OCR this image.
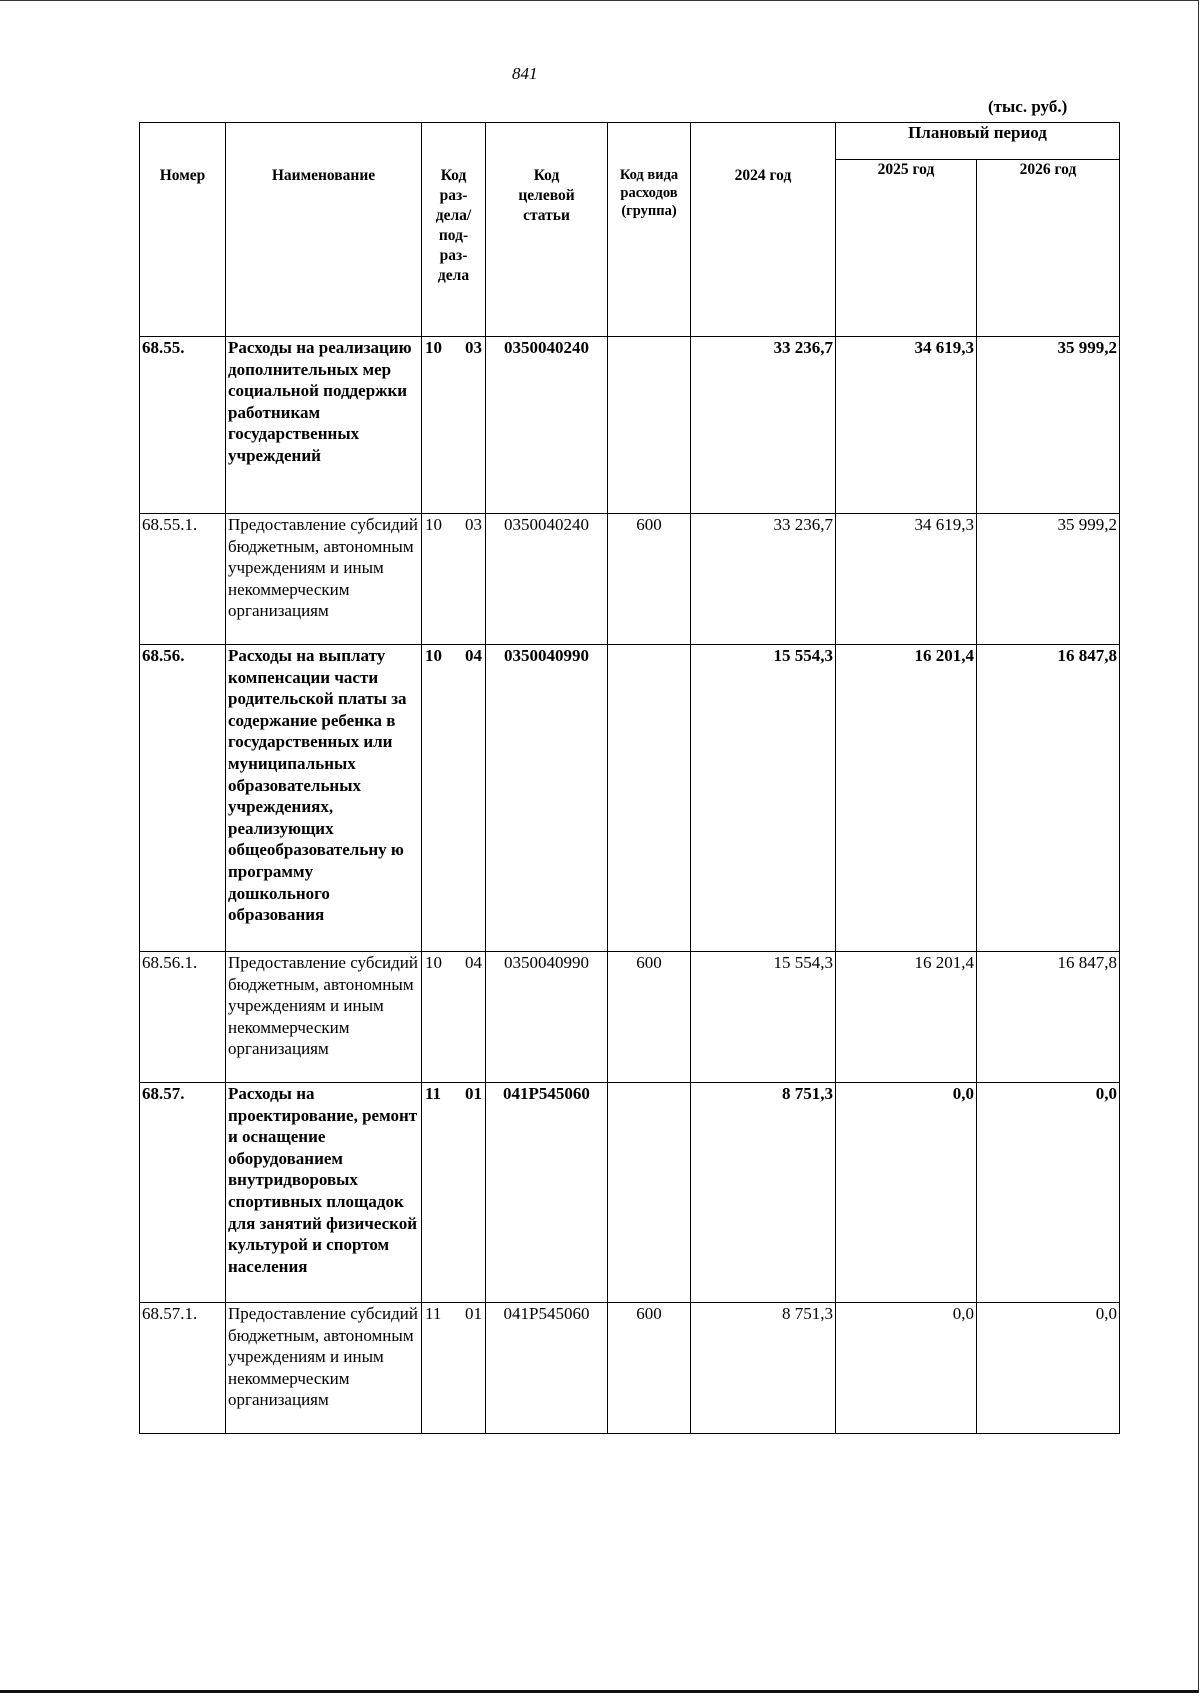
841
(тыс. руб.)
Номер	Наименование	Код раз- дела/ под- раз- дела	Код целевой статьи	Код вида расходов (группа)	2024 год	Плановый период	
						2025 год	2026 год
68.55.	Расходы на реализацию дополнительных мер социальной поддержки работникам государственных учреждений	10 03	0350040240		33 236,7	34 619,3	35 999,2
68.55.1.	Предоставление субсидий бюджетным, автономным учреждениям и иным некоммерческим организациям	10 03	0350040240	600	33 236,7	34 619,3	35 999,2
68.56.	Расходы на выплату компенсации части родительской платы за содержание ребенка в государственных или муниципальных образовательных учреждениях, реализующих общеобразовательну ю программу дошкольного образования	10 04	0350040990		15 554,3	16 201,4	16 847,8
68.56.1.	Предоставление субсидий бюджетным, автономным учреждениям и иным некоммерческим организациям	10 04	0350040990	600	15 554,3	16 201,4	16 847,8
68.57.	Расходы на проектирование, ремонт и оснащение оборудованием внутридворовых спортивных площадок для занятий физической культурой и спортом населения	11 01	041P545060		8 751,3	0,0	0,0
68.57.1.	Предоставление субсидий бюджетным, автономным учреждениям и иным некоммерческим организациям	11 01	041P545060	600	8 751,3	0,0	0,0
